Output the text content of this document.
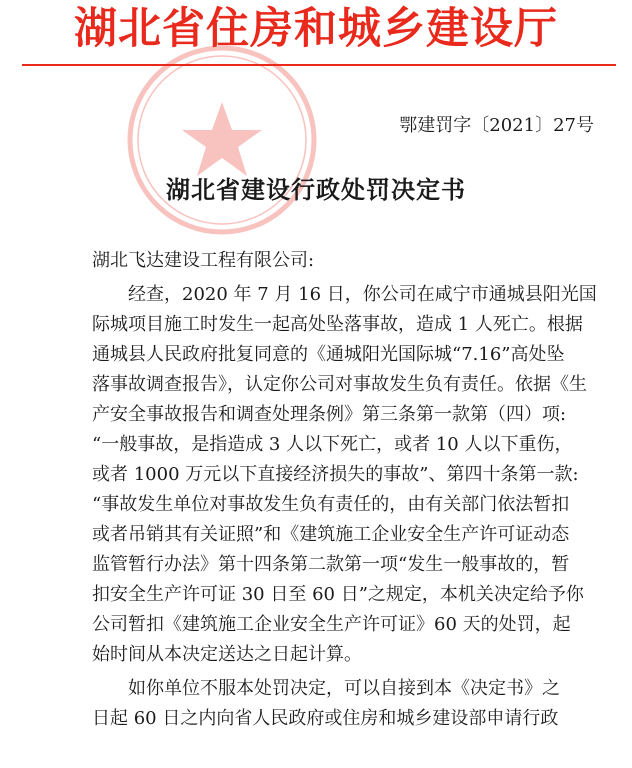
湖北省住房和城乡建设厅
鄂建罚字〔2021〕27号
湖北省建设行政处罚决定书
湖北飞达建设工程有限公司:
经查，2020 年 7 月 16 日，你公司在咸宁市通城县阳光国
际城项目施工时发生一起高处坠落事故，造成 1 人死亡。根据
通城县人民政府批复同意的《通城阳光国际城“7.16”高处坠
落事故调查报告》，认定你公司对事故发生负有责任。依据《生
产安全事故报告和调查处理条例》第三条第一款第（四）项:
“一般事故，是指造成 3 人以下死亡，或者 10 人以下重伤，
或者 1000 万元以下直接经济损失的事故”、第四十条第一款:
“事故发生单位对事故发生负有责任的，由有关部门依法暂扣
或者吊销其有关证照”和《建筑施工企业安全生产许可证动态
监管暂行办法》第十四条第二款第一项“发生一般事故的，暂
扣安全生产许可证 30 日至 60 日”之规定，本机关决定给予你
公司暂扣《建筑施工企业安全生产许可证》60 天的处罚，起
始时间从本决定送达之日起计算。
如你单位不服本处罚决定，可以自接到本《决定书》之
日起 60 日之内向省人民政府或住房和城乡建设部申请行政
